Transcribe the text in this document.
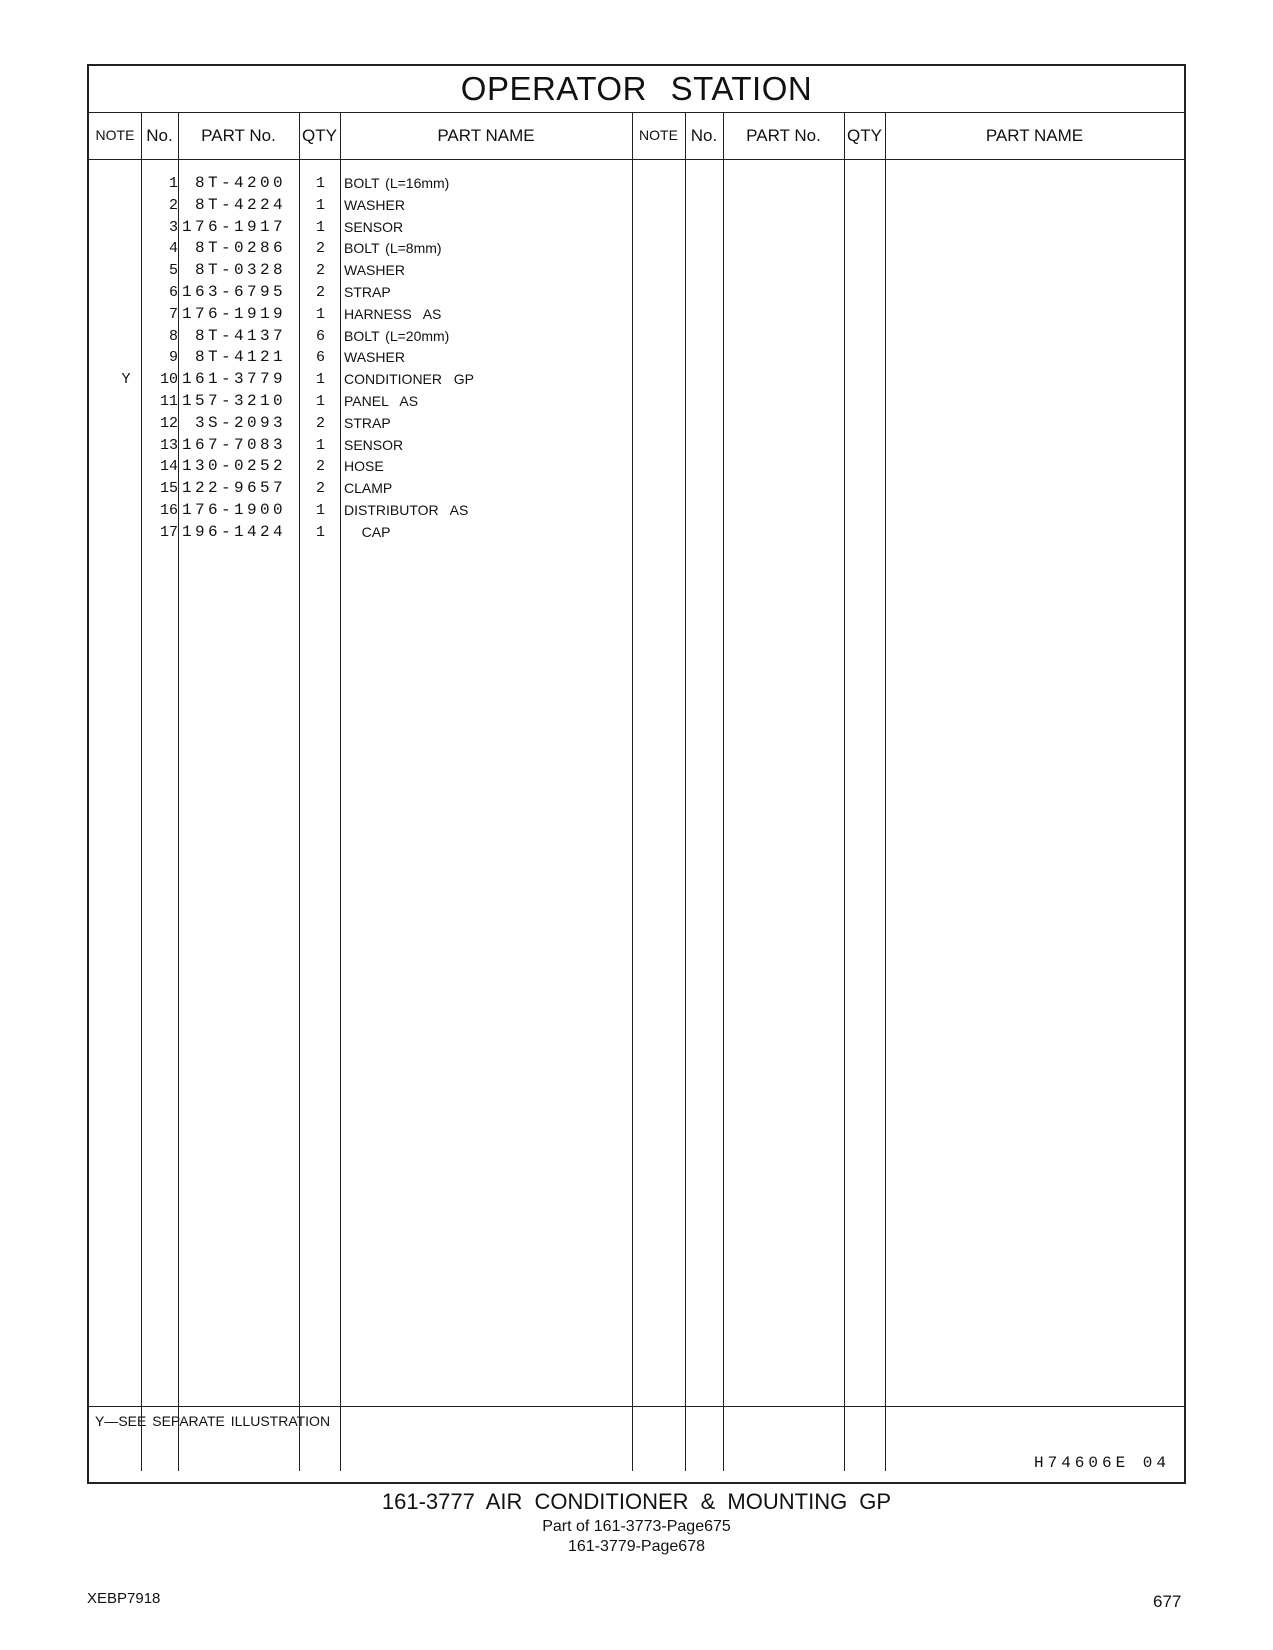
OPERATOR STATION
NOTE No.	PART No.	QTY	PART NAME	NOTE No.	PART No.	QTY	PART NAME
1	8T-4200	1 BOLT (L=16mm)
2	8T-4224	1 WASHER
3 176-1917	1 SENSOR
4	8T-0286	2 BOLT (L=8mm)
5	8T-0328	2 WASHER
6 163-6795	2 STRAP
7 176-1919	1 HARNESS  AS
8	8T-4137	6 BOLT (L=20mm)
9	8T-4121	6 WASHER
Y	10 161-3779	1 CONDITIONER  GP
11 157-3210	1 PANEL  AS
12	3S-2093	2 STRAP
13 167-7083	1 SENSOR
14 130-0252	2 HOSE
15 122-9657	2 CLAMP
16 176-1900	1 DISTRIBUTOR  AS
17 196-1424	1 CAP
Y—SEE SEPARATE ILLUSTRATION
H74606E 04
161-3777 AIR CONDITIONER & MOUNTING GP
Part of 161-3773-Page675
161-3779-Page678
XEBP7918	677
